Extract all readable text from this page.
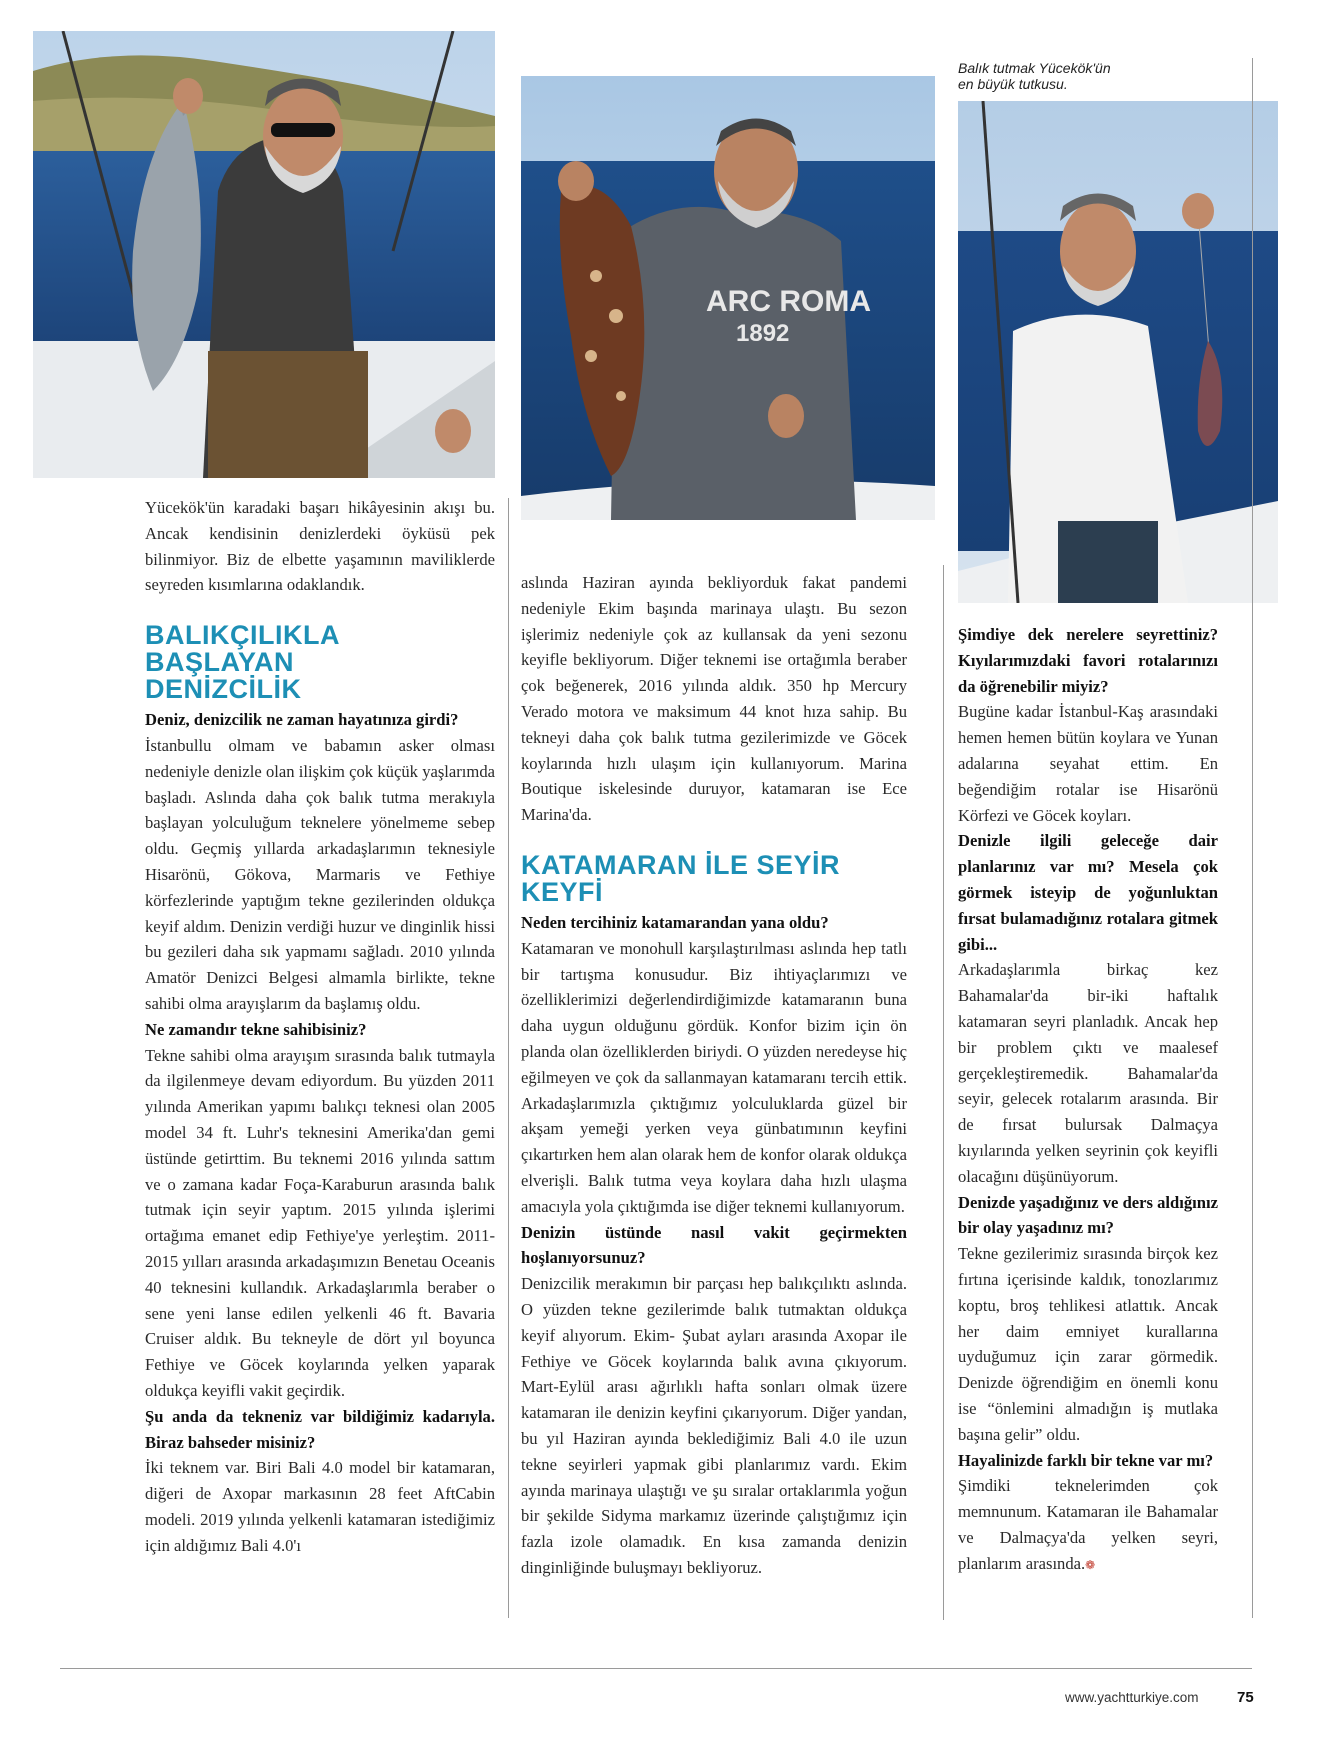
ARC ROMA
1892
Balık tutmak Yücekök'ün
en büyük tutkusu.

Yücekök'ün karadaki başarı hikâyesinin akışı bu. Ancak kendisinin denizlerdeki öyküsü pek bilinmiyor. Biz de elbette yaşamının maviliklerde seyreden kısımlarına odaklandık.

BALIKÇILIKLA BAŞLAYAN
DENİZCİLİK

Deniz, denizcilik ne zaman hayatınıza girdi?

İstanbullu olmam ve babamın asker olması nedeniyle denizle olan ilişkim çok küçük yaşlarımda başladı. Aslında daha çok balık tutma merakıyla başlayan yolculuğum teknelere yönelmeme sebep oldu. Geçmiş yıllarda arkadaşlarımın teknesiyle Hisarönü, Gökova, Marmaris ve Fethiye körfezlerinde yaptığım tekne gezilerinden oldukça keyif aldım. Denizin verdiği huzur ve dinginlik hissi bu gezileri daha sık yapmamı sağladı. 2010 yılında Amatör Denizci Belgesi almamla birlikte, tekne sahibi olma arayışlarım da başlamış oldu.

Ne zamandır tekne sahibisiniz?

Tekne sahibi olma arayışım sırasında balık tutmayla da ilgilenmeye devam ediyordum. Bu yüzden 2011 yılında Amerikan yapımı balıkçı teknesi olan 2005 model 34 ft. Luhr's teknesini Amerika'dan gemi üstünde getirttim. Bu teknemi 2016 yılında sattım ve o zamana kadar Foça-Karaburun arasında balık tutmak için seyir yaptım. 2015 yılında işlerimi ortağıma emanet edip Fethiye'ye yerleştim. 2011-2015 yılları arasında arkadaşımızın Benetau Oceanis 40 teknesini kullandık. Arkadaşlarımla beraber o sene yeni lanse edilen yelkenli 46 ft. Bavaria Cruiser aldık. Bu tekneyle de dört yıl boyunca Fethiye ve Göcek koylarında yelken yaparak oldukça keyifli vakit geçirdik.

Şu anda da tekneniz var bildiğimiz kadarıyla. Biraz bahseder misiniz?

İki teknem var. Biri Bali 4.0 model bir katamaran, diğeri de Axopar markasının 28 feet AftCabin modeli. 2019 yılında yelkenli katamaran istediğimiz için aldığımız Bali 4.0'ı

aslında Haziran ayında bekliyorduk fakat pandemi nedeniyle Ekim başında marinaya ulaştı. Bu sezon işlerimiz nedeniyle çok az kullansak da yeni sezonu keyifle bekliyorum. Diğer teknemi ise ortağımla beraber çok beğenerek, 2016 yılında aldık. 350 hp Mercury Verado motora ve maksimum 44 knot hıza sahip. Bu tekneyi daha çok balık tutma gezilerimizde ve Göcek koylarında hızlı ulaşım için kullanıyorum. Marina Boutique iskelesinde duruyor, katamaran ise Ece Marina'da.

KATAMARAN İLE SEYİR KEYFİ

Neden tercihiniz katamarandan yana oldu?

Katamaran ve monohull karşılaştırılması aslında hep tatlı bir tartışma konusudur. Biz ihtiyaçlarımızı ve özelliklerimizi değerlendirdiğimizde katamaranın buna daha uygun olduğunu gördük. Konfor bizim için ön planda olan özelliklerden biriydi. O yüzden neredeyse hiç eğilmeyen ve çok da sallanmayan katamaranı tercih ettik. Arkadaşlarımızla çıktığımız yolculuklarda güzel bir akşam yemeği yerken veya günbatımının keyfini çıkartırken hem alan olarak hem de konfor olarak oldukça elverişli. Balık tutma veya koylara daha hızlı ulaşma amacıyla yola çıktığımda ise diğer teknemi kullanıyorum.

Denizin üstünde nasıl vakit geçirmekten hoşlanıyorsunuz?

Denizcilik merakımın bir parçası hep balıkçılıktı aslında. O yüzden tekne gezilerimde balık tutmaktan oldukça keyif alıyorum. Ekim- Şubat ayları arasında Axopar ile Fethiye ve Göcek koylarında balık avına çıkıyorum. Mart-Eylül arası ağırlıklı hafta sonları olmak üzere katamaran ile denizin keyfini çıkarıyorum. Diğer yandan, bu yıl Haziran ayında beklediğimiz Bali 4.0 ile uzun tekne seyirleri yapmak gibi planlarımız vardı. Ekim ayında marinaya ulaştığı ve şu sıralar ortaklarımla yoğun bir şekilde Sidyma markamız üzerinde çalıştığımız için fazla izole olamadık. En kısa zamanda denizin dinginliğinde buluşmayı bekliyoruz.

Şimdiye dek nerelere seyrettiniz? Kıyılarımızdaki favori rotalarınızı da öğrenebilir miyiz?

Bugüne kadar İstanbul-Kaş arasındaki hemen hemen bütün koylara ve Yunan adalarına seyahat ettim. En beğendiğim rotalar ise Hisarönü Körfezi ve Göcek koyları.

Denizle ilgili geleceğe dair planlarınız var mı? Mesela çok görmek isteyip de yoğunluktan fırsat bulamadığınız rotalara gitmek gibi...

Arkadaşlarımla birkaç kez Bahamalar'da bir-iki haftalık katamaran seyri planladık. Ancak hep bir problem çıktı ve maalesef gerçekleştiremedik. Bahamalar'da seyir, gelecek rotalarım arasında. Bir de fırsat bulursak Dalmaçya kıyılarında yelken seyrinin çok keyifli olacağını düşünüyorum.

Denizde yaşadığınız ve ders aldığınız bir olay yaşadınız mı?

Tekne gezilerimiz sırasında birçok kez fırtına içerisinde kaldık, tonozlarımız koptu, broş tehlikesi atlattık. Ancak her daim emniyet kurallarına uyduğumuz için zarar görmedik. Denizde öğrendiğim en önemli konu ise “önlemini almadığın iş mutlaka başına gelir” oldu.

Hayalinizde farklı bir tekne var mı?

Şimdiki teknelerimden çok memnunum. Katamaran ile Bahamalar ve Dalmaçya'da yelken seyri, planlarım arasında.❁

www.yachtturkiye.com	75
